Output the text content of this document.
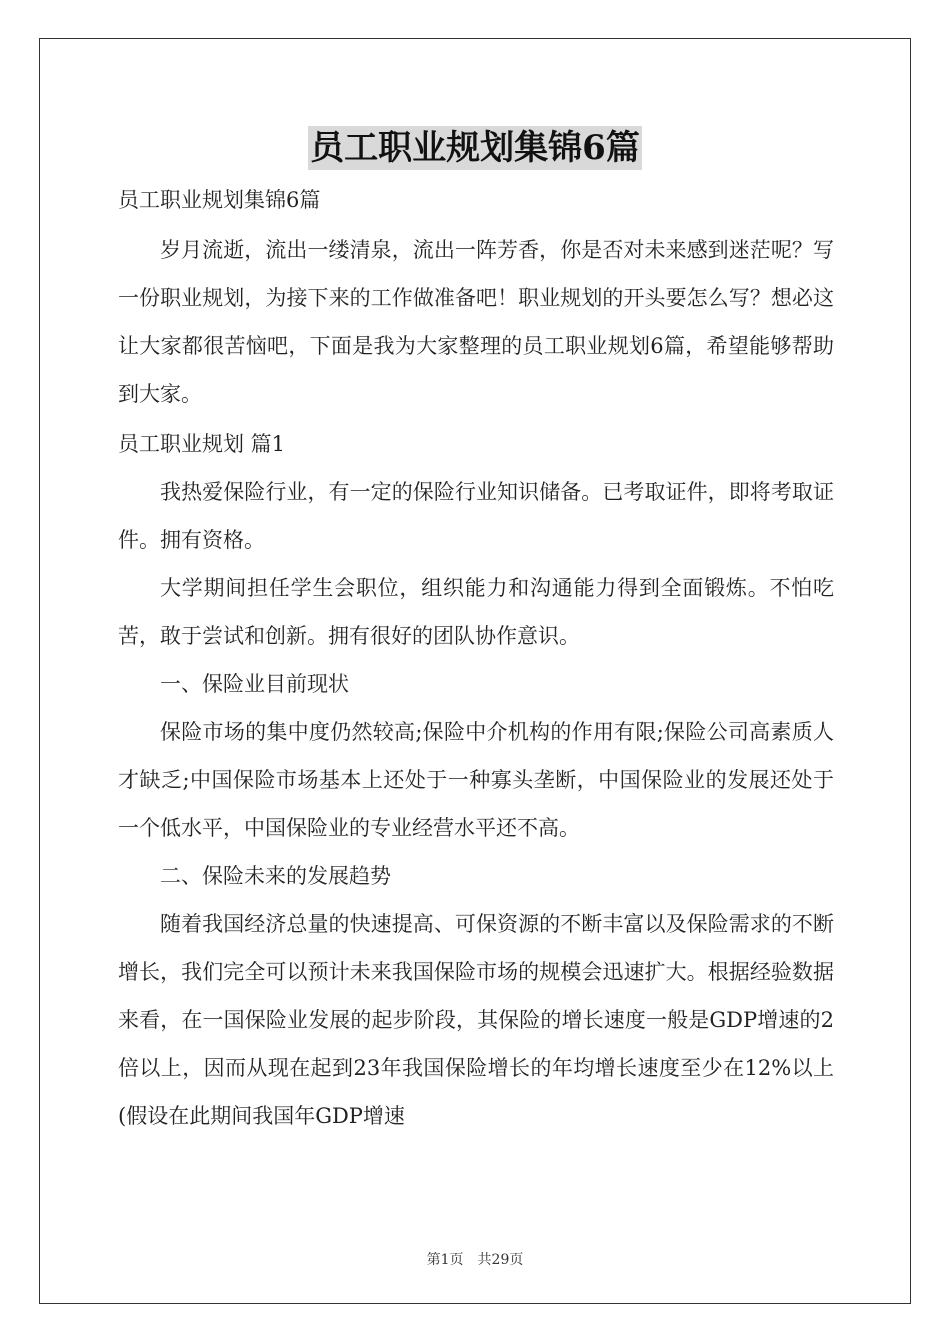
员工职业规划集锦6篇
员工职业规划集锦6篇

岁月流逝，流出一缕清泉，流出一阵芳香，你是否对未来感到迷茫呢？写一份职业规划，为接下来的工作做准备吧！职业规划的开头要怎么写？想必这让大家都很苦恼吧，下面是我为大家整理的员工职业规划6篇，希望能够帮助到大家。

员工职业规划 篇1

我热爱保险行业，有一定的保险行业知识储备。已考取证件，即将考取证件。拥有资格。

大学期间担任学生会职位，组织能力和沟通能力得到全面锻炼。不怕吃苦，敢于尝试和创新。拥有很好的团队协作意识。

一、保险业目前现状

保险市场的集中度仍然较高;保险中介机构的作用有限;保险公司高素质人才缺乏;中国保险市场基本上还处于一种寡头垄断，中国保险业的发展还处于一个低水平，中国保险业的专业经营水平还不高。

二、保险未来的发展趋势

随着我国经济总量的快速提高、可保资源的不断丰富以及保险需求的不断增长，我们完全可以预计未来我国保险市场的规模会迅速扩大。根据经验数据来看，在一国保险业发展的起步阶段，其保险的增长速度一般是GDP增速的2倍以上，因而从现在起到23年我国保险增长的年均增长速度至少在12%以上(假设在此期间我国年GDP增速

第1页　共29页
